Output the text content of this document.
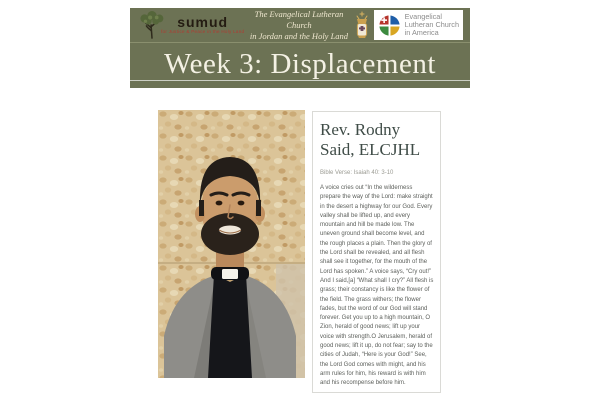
sumud
for Justice & Peace in the Holy Land
The Evangelical Lutheran Church
in Jordan and the Holy Land
Evangelical
Lutheran Church
in America
Week 3: Displacement
Rev. Rodny Said, ELCJHL
Bible Verse: Isaiah 40: 3-10

A voice cries out “In the wilderness prepare the way of the Lord: make straight in the desert a highway for our God. Every valley shall be lifted up, and every mountain and hill be made low. The uneven ground shall become level, and the rough places a plain. Then the glory of the Lord shall be revealed, and all flesh shall see it together, for the mouth of the Lord has spoken.” A voice says, “Cry out!” And I said,[a] “What shall I cry?” All flesh is grass; their constancy is like the flower of the field. The grass withers; the flower fades, but the word of our God will stand forever. Get you up to a high mountain, O Zion, herald of good news; lift up your voice with strength.O Jerusalem, herald of good news; lift it up, do not fear; say to the cities of Judah, “Here is your God!” See, the Lord God comes with might, and his arm rules for him, his reward is with him and his recompense before him.
